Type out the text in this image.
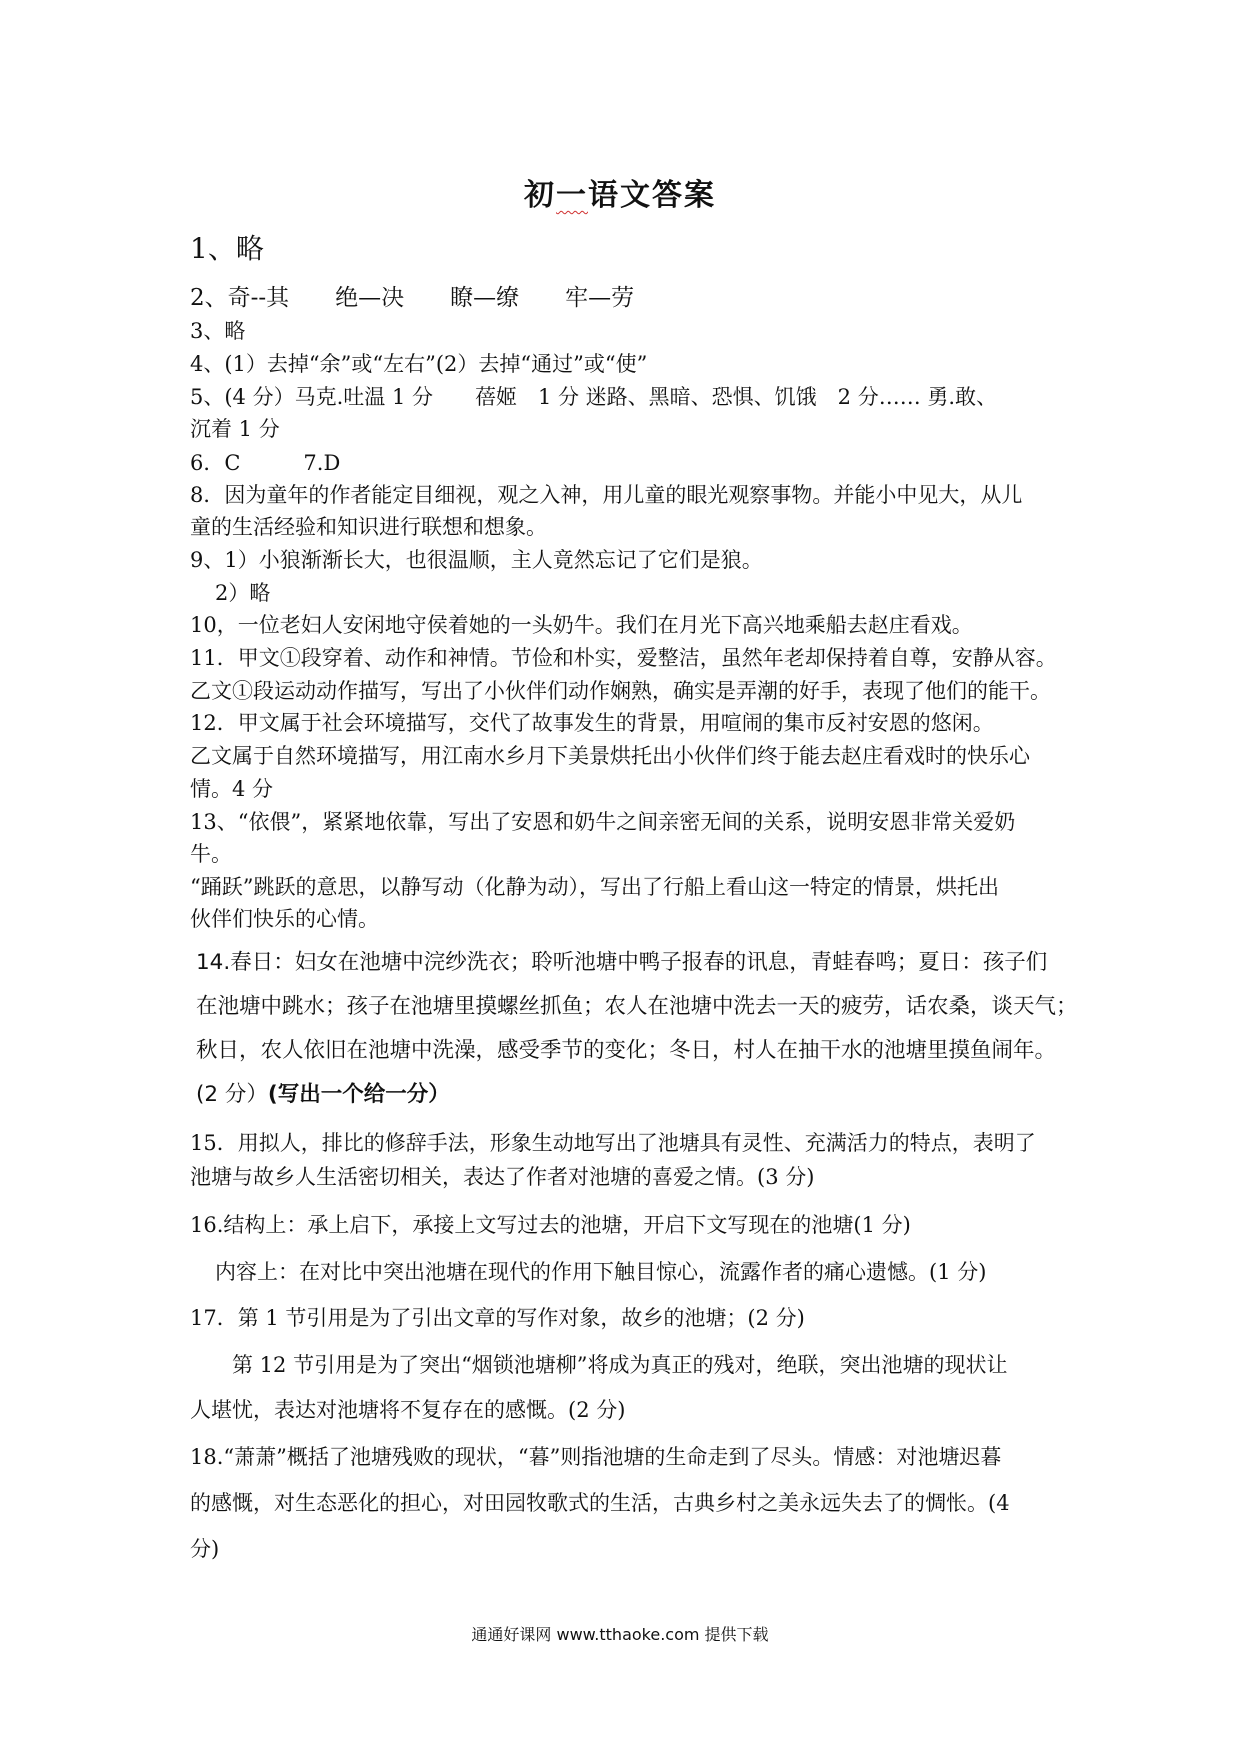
初一语文答案
1、略
2、奇--其　　绝—决　　瞭—缭　　牢—劳
3、略
4、(1）去掉“余”或“左右”(2）去掉“通过”或“使”
5、(4 分）马克.吐温 1 分　　蓓姬　1 分 迷路、黑暗、恐惧、饥饿　2 分…… 勇.敢、
沉着 1 分
6．C　　　7.D
8．因为童年的作者能定目细视，观之入神，用儿童的眼光观察事物。并能小中见大，从儿
童的生活经验和知识进行联想和想象。
9、1）小狼渐渐长大，也很温顺，主人竟然忘记了它们是狼。
2）略
10，一位老妇人安闲地守侯着她的一头奶牛。我们在月光下高兴地乘船去赵庄看戏。
11．甲文①段穿着、动作和神情。节俭和朴实，爱整洁，虽然年老却保持着自尊，安静从容。
乙文①段运动动作描写，写出了小伙伴们动作娴熟，确实是弄潮的好手，表现了他们的能干。
12．甲文属于社会环境描写，交代了故事发生的背景，用喧闹的集市反衬安恩的悠闲。
乙文属于自然环境描写，用江南水乡月下美景烘托出小伙伴们终于能去赵庄看戏时的快乐心
情。4 分
13、“依偎”，紧紧地依靠，写出了安恩和奶牛之间亲密无间的关系，说明安恩非常关爱奶
牛。
“踊跃”跳跃的意思，以静写动（化静为动），写出了行船上看山这一特定的情景，烘托出
伙伴们快乐的心情。
14.春日：妇女在池塘中浣纱洗衣；聆听池塘中鸭子报春的讯息，青蛙春鸣；夏日：孩子们
在池塘中跳水；孩子在池塘里摸螺丝抓鱼；农人在池塘中洗去一天的疲劳，话农桑，谈天气；
秋日，农人依旧在池塘中洗澡，感受季节的变化；冬日，村人在抽干水的池塘里摸鱼闹年。
(2 分）(写出一个给一分）
15．用拟人，排比的修辞手法，形象生动地写出了池塘具有灵性、充满活力的特点，表明了
池塘与故乡人生活密切相关，表达了作者对池塘的喜爱之情。(3 分)
16.结构上：承上启下，承接上文写过去的池塘，开启下文写现在的池塘(1 分)
内容上：在对比中突出池塘在现代的作用下触目惊心，流露作者的痛心遗憾。(1 分)
17．第 1 节引用是为了引出文章的写作对象，故乡的池塘；(2 分)
第 12 节引用是为了突出“烟锁池塘柳”将成为真正的残对，绝联，突出池塘的现状让
人堪忧，表达对池塘将不复存在的感慨。(2 分)
18.“萧萧”概括了池塘残败的现状，“暮”则指池塘的生命走到了尽头。情感：对池塘迟暮
的感慨，对生态恶化的担心，对田园牧歌式的生活，古典乡村之美永远失去了的惆怅。(4
分)
通通好课网 www.tthaoke.com 提供下载
